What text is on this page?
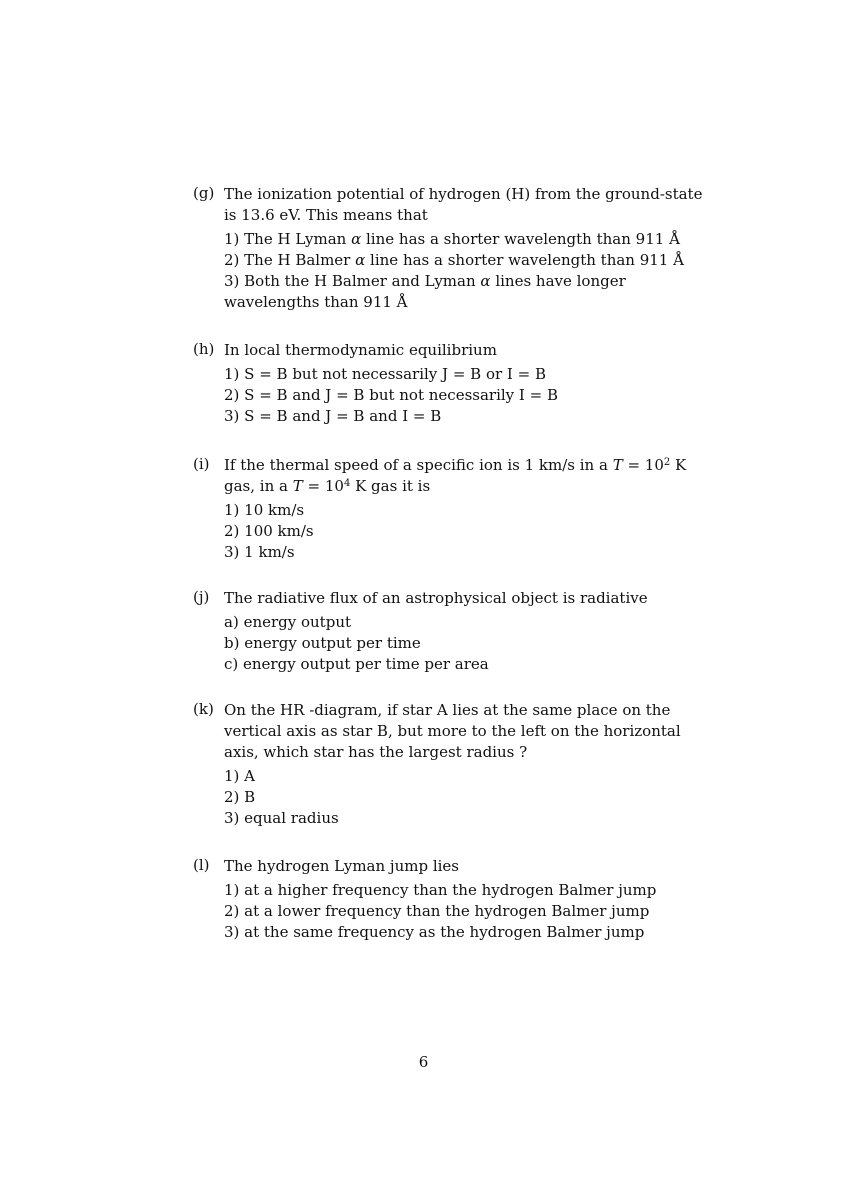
(g) The ionization potential of hydrogen (H) from the ground-state is 13.6 eV. This means that
1) The H Lyman α line has a shorter wavelength than 911 Å
2) The H Balmer α line has a shorter wavelength than 911 Å
3) Both the H Balmer and Lyman α lines have longer wavelengths than 911 Å
(h) In local thermodynamic equilibrium
1) S = B but not necessarily J = B or I = B
2) S = B and J = B but not necessarily I = B
3) S = B and J = B and I = B
(i) If the thermal speed of a specific ion is 1 km/s in a $T = 10^2$ K gas, in a $T = 10^4$ K gas it is
1) 10 km/s
2) 100 km/s
3) 1 km/s
(j) The radiative flux of an astrophysical object is radiative
a) energy output
b) energy output per time
c) energy output per time per area
(k) On the HR -diagram, if star A lies at the same place on the vertical axis as star B, but more to the left on the horizontal axis, which star has the largest radius ?
1) A
2) B
3) equal radius
(l) The hydrogen Lyman jump lies
1) at a higher frequency than the hydrogen Balmer jump
2) at a lower frequency than the hydrogen Balmer jump
3) at the same frequency as the hydrogen Balmer jump
6
